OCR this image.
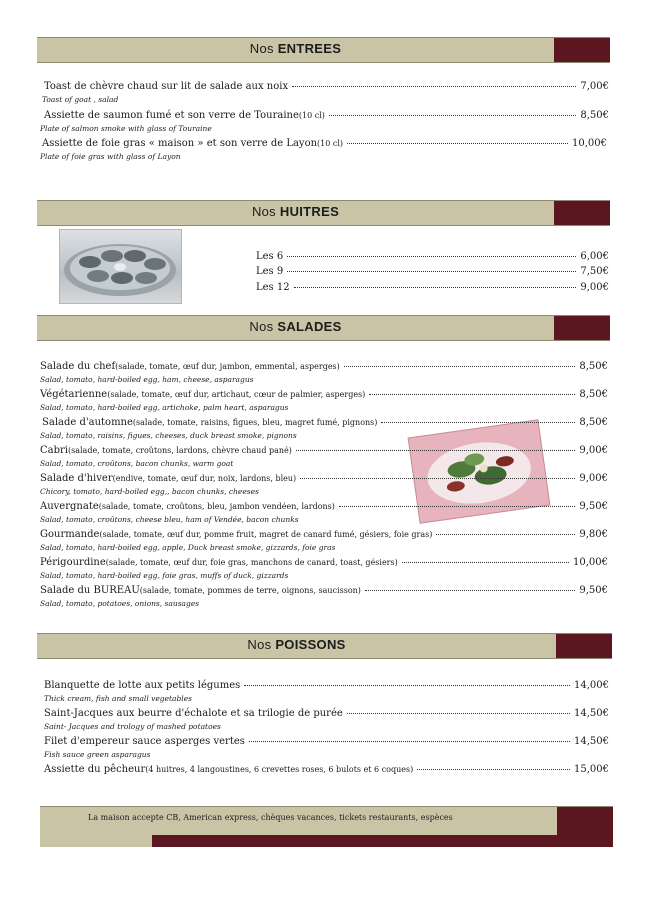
Nos ENTREES
Toast de chèvre chaud sur lit de salade aux noix	7,00€
Toast of goat , salad
Assiette de saumon fumé et son verre de Touraine (10 cl)	8,50€
Plate of salmon smoke with glass of Touraine
Assiette de foie gras « maison » et son verre de Layon (10 cl)	10,00€
Plate of foie gras with glass of Layon
Nos HUITRES
Les 6	6,00€
Les 9	7,50€
Les 12	9,00€
Nos SALADES
Salade du chef (salade, tomate, œuf dur, jambon, emmental, asperges)	8,50€
Salad, tomato, hard-boiled egg, ham, cheese, asparagus
Végétarienne (salade, tomate, œuf dur, artichaut, cœur de palmier, asperges)	8,50€
Salad, tomato, hard-boiled egg, artichoke, palm heart, asparagus
Salade d'automne (salade, tomate, raisins, figues, bleu, magret fumé, pignons)	8,50€
Salad, tomato, raisins, figues, cheeses, duck breast smoke, pignons
Cabri (salade, tomate, croûtons, lardons, chèvre chaud pané)	9,00€
Salad, tomato, croûtons, bacon chunks, warm goat
Salade d'hiver (endive, tomate, œuf dur, noix, lardons, bleu)	9,00€
Chicory, tomato, hard-boiled egg,, bacon chunks, cheeses
Auvergnate (salade, tomate, croûtons, bleu, jambon vendéen, lardons)	9,50€
Salad, tomato, croûtons, cheese bleu, ham of Vendée, bacon chunks
Gourmande (salade, tomate, œuf dur, pomme fruit, magret de canard fumé, gésiers, foie gras)	9,80€
Salad, tomato, hard-boiled egg, apple, Duck breast smoke, gizzards, foie gras
Périgourdine (salade, tomate, œuf dur, foie gras, manchons de canard, toast, gésiers)	10,00€
Salad, tomato, hard-boiled egg, foie gras, muffs of duck, gizzards
Salade du BUREAU (salade, tomate, pommes de terre, oignons, saucisson)	9,50€
Salad, tomato, potatoes, onions, sausages
Nos POISSONS
Blanquette de lotte aux petits légumes	14,00€
Thick cream, fish and small vegetables
Saint-Jacques aux beurre d'échalote et sa trilogie de purée	14,50€
Saint- Jacques and trology of mashed potatoes
Filet d'empereur sauce asperges vertes	14,50€
Fish sauce green asparagus
Assiette du pêcheur (4 huitres, 4 langoustines, 6 crevettes roses, 6 bulots et 6 coques)	15,00€
La maison accepte CB, American express, chèques vacances, tickets restaurants, espèces
